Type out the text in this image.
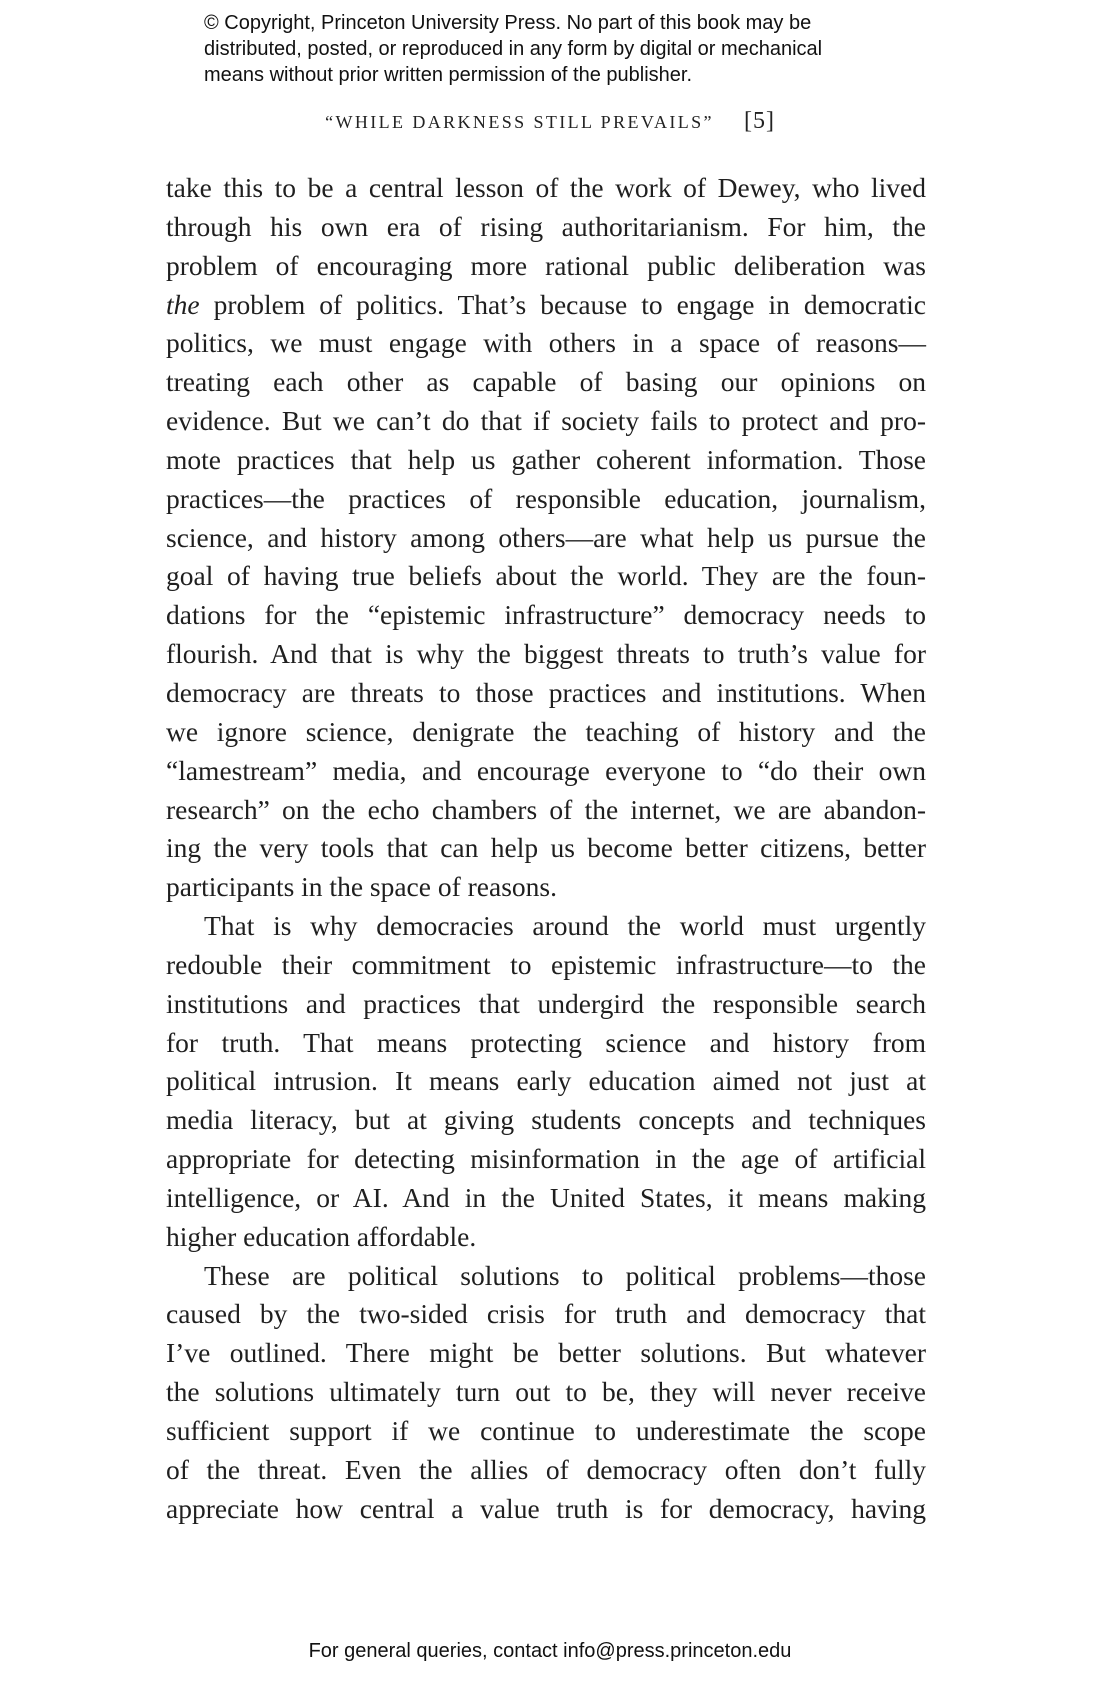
© Copyright, Princeton University Press. No part of this book may be
distributed, posted, or reproduced in any form by digital or mechanical
means without prior written permission of the publisher.
“WHILE DARKNESS STILL PREVAILS” [5]
take this to be a central lesson of the work of Dewey, who lived
through his own era of rising authoritarianism. For him, the
problem of encouraging more rational public deliberation was
the problem of politics. That’s because to engage in democratic
politics, we must engage with others in a space of reasons—
treating each other as capable of basing our opinions on
evidence. But we can’t do that if society fails to protect and pro-
mote practices that help us gather coherent information. Those
practices—the practices of responsible education, journalism,
science, and history among others—are what help us pursue the
goal of having true beliefs about the world. They are the foun-
dations for the “epistemic infrastructure” democracy needs to
flourish. And that is why the biggest threats to truth’s value for
democracy are threats to those practices and institutions. When
we ignore science, denigrate the teaching of history and the
“lamestream” media, and encourage everyone to “do their own
research” on the echo chambers of the internet, we are abandon-
ing the very tools that can help us become better citizens, better
participants in the space of reasons.
That is why democracies around the world must urgently
redouble their commitment to epistemic infrastructure—to the
institutions and practices that undergird the responsible search
for truth. That means protecting science and history from
political intrusion. It means early education aimed not just at
media literacy, but at giving students concepts and techniques
appropriate for detecting misinformation in the age of artificial
intelligence, or AI. And in the United States, it means making
higher education affordable.
These are political solutions to political problems—those
caused by the two-sided crisis for truth and democracy that
I’ve outlined. There might be better solutions. But whatever
the solutions ultimately turn out to be, they will never receive
sufficient support if we continue to underestimate the scope
of the threat. Even the allies of democracy often don’t fully
appreciate how central a value truth is for democracy, having
For general queries, contact info@press.princeton.edu
